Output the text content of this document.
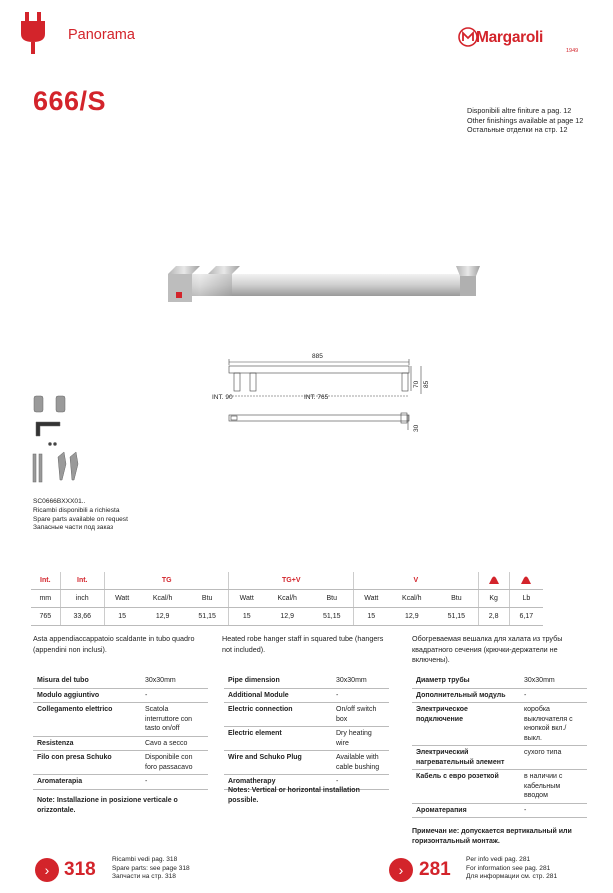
Panorama	Margaroli
1949
666/S	Disponibili altre finiture a pag. 12
Other finishings available at page 12
Остальные отделки на стр. 12
885
INT. 90	INT. 765
70 85
30
SC0666BXXX01..
Ricambi disponibili a richiesta
Spare parts available on request
Запасные части под заказ
Int.	Int.	TG			TG+V			V		
mm	inch	Watt	Kcal/h	Btu	Watt	Kcal/h	Btu	Watt	Kcal/h	Btu	Kg	Lb
765	33,66	15	12,9	51,15	15	12,9	51,15	15	12,9	51,15	2,8	6,17
Asta appendiaccappatoio scaldante in tubo quadro (appendini non inclusi).
Misura del tubo	30x30mm
Modulo aggiuntivo	-
Collegamento elettrico	Scatola interruttore con tasto on/off
Resistenza	Cavo a secco
Filo con presa Schuko	Disponibile con foro passacavo
Aromaterapia	-
Note: Installazione in posizione verticale o orizzontale.
Heated robe hanger staff in squared tube (hangers not included).
Pipe dimension	30x30mm
Additional Module	-
Electric connection	On/off switch box
Electric element	Dry heating wire
Wire and Schuko Plug	Available with cable bushing
Aromatherapy	-
Notes: Vertical or horizontal installation possible.
Обогреваемая вешалка для халата из трубы квадратного сечения (крючки-держатели не включены).
Диаметр трубы	30x30mm
Дополнительный модуль	-
Электрическое подключение	коробка выключателя с кнопкой вкл./выкл.
Электрический нагревательный элемент	сухого типа
Кабель с евро розеткой	в наличии с кабельным вводом
Аромaтерапия	-
Примечан ие: допускается вертикальный или горизонтальный монтаж.
› 318 Ricambi vedi pag. 318
Spare parts: see page 318
Запчасти на стр. 318	› 281 Per info vedi pag. 281
For information see pag. 281
Для информации см. стр. 281
